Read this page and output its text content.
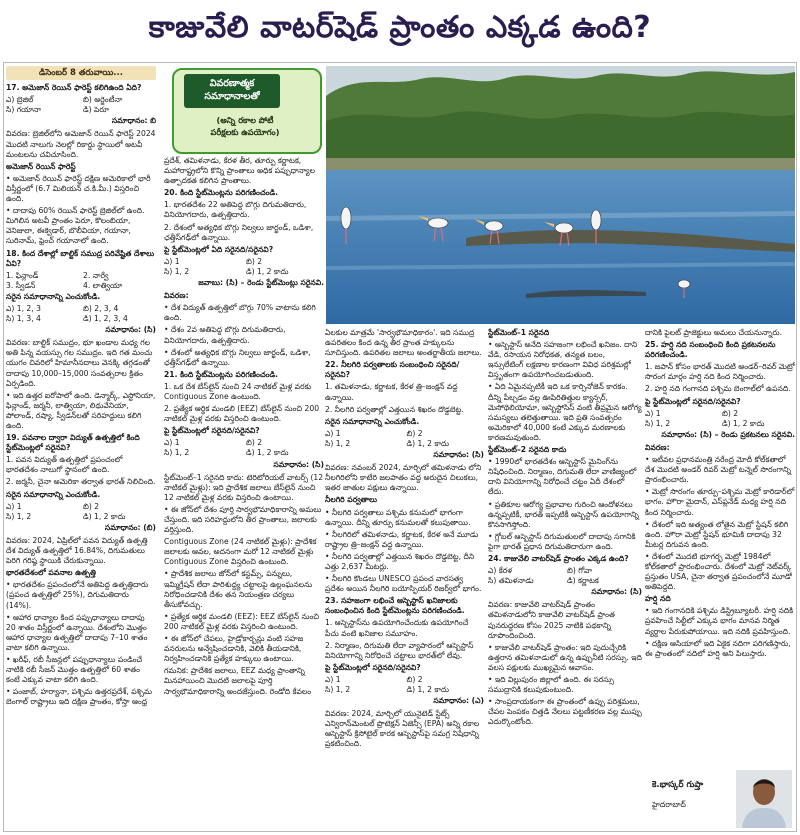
కాజువేలి వాటర్‌షెడ్ ప్రాంతం ఎక్కడ ఉంది?
డిసెంబర్ 8 తరువాయి...

17. అమెజాన్ రెయిన్ ఫారెస్ట్ కలిగిఉంది ఏది?

ఎ) బ్రెజిల్	బి) అర్జెంటీనా
సి) గయానా	డి) పెరూ

సమాధానం: బి

వివరణ: బ్రెజిల్‌లోని అమెజాన్ రెయిన్ ఫారెస్ట్ 2024 మొదటి నాలుగు నెలల్లో రికార్డు స్థాయిలో అటవీ మంటలను చవిచూసింది.

అమెజాన్ రెయిన్ ఫారెస్ట్

• అమెజాన్ రెయిన్ ఫారెస్ట్ దక్షిణ అమెరికాలో భారీ విస్తీర్ణంలో (6.7 మిలియన్ చ.కి.మీ.) విస్తరించి ఉంది.

• దాదాపు 60% రెయిన్ ఫారెస్ట్ బ్రెజిల్‌లో ఉంది. మిగిలిన అటవీ ప్రాంతం పెరూ, కొలంబియా, వెనిజులా, ఈక్వెడార్, బొలీవియా, గయానా, సురినామ్, ఫ్రెంచ్ గయానాలో ఉంది.

18. కింద దేశాల్లో బాల్టిక్ సముద్ర పరివేష్టిత దేశాలు ఏవి?

1. ఫిన్లాండ్	2. నార్వే
3. స్వీడన్	4. లాత్వియా

సరైన సమాధానాన్ని ఎంచుకోండి.

ఎ) 1, 2, 3	బి) 2, 3, 4
సి) 1, 3, 4	డి) 1, 2, 3, 4

సమాధానం: (సి)

వివరణ: బాల్టిక్ సముద్రం, భూ ఖండాల మధ్య గల అతి పిన్న వయస్సు గల సముద్రం. ఇది గత మంచు యుగం చివరిలో హిమానీనదాలు వెనక్కి తగ్గడంతో దాదాపు 10,000–15,000 సంవత్సరాల క్రితం ఏర్పడింది.

• ఇది ఉత్తర ఐరోపాలో ఉంది. డెన్మార్క్, ఎస్టోనియా, ఫిన్లాండ్, జర్మనీ, లాత్వియా, లిథువేనియా, పోలాండ్, రష్యా, స్వీడన్‌లతో సరిహద్దులు కలిగి ఉంది.

19. పవనాల ద్వారా విద్యుత్ ఉత్పత్తిలో కింది స్టేట్‌మెంట్లలో సరైనవి?

1. పవన విద్యుత్ ఉత్పత్తిలో ప్రపంచంలో భారతదేశం నాలుగో స్థానంలో ఉంది.

2. జర్మనీ, చైనా అమెరికా తర్వాత భారత్ నిలిచింది.

సరైన సమాధానాన్ని ఎంచుకోండి.

ఎ) 1	బి) 2
సి) 1, 2	డి) 1, 2 కాదు

సమాధానం: (బి)

వివరణ: 2024, ఏప్రిల్‌లో పవన విద్యుత్ ఉత్పత్తి దేశ విద్యుత్ ఉత్పత్తిలో 16.84%, దిగుమతులు పెరిగి గరిష్ఠ స్థాయికి చేరుకున్నాయి.

భారతదేశంలో పవనాల ఉత్పత్తి

• భారతదేశం ప్రపంచంలోనే అతిపెద్ద ఉత్పత్తిదారు (ప్రపంచ ఉత్పత్తిలో 25%), దిగుమతిదారు (14%).

• ఆహార ధాన్యాల కింద పప్పుధాన్యాలు దాదాపు 20 శాతం విస్తీర్ణంలో ఉన్నాయి. దేశంలోని మొత్తం ఆహార ధాన్యాల ఉత్పత్తిలో దాదాపు 7–10 శాతం వాటా కలిగి ఉన్నాయి.

• ఖరీఫ్, రబీ సీజన్లలో పప్పుధాన్యాలు పండించే నాటికి రబీ సీజన్ మొత్తం ఉత్పత్తిలో 60 శాతం కంటే ఎక్కువ వాటా కలిగి ఉంది.

• పంజాబ్, హర్యానా, పశ్చిమ ఉత్తరప్రదేశ్, పశ్చిమ బెంగాల్ రాష్ట్రాలు ఇది దక్షిణ ప్రాంతం, కోస్తా ఆంధ్ర

వివరణాత్మక
సమాధానాలతో
(అన్ని రకాల పోటీ
పరీక్షలకు ఉపయోగం)

ప్రదేశ్, తమిళనాడు, కేరళ తీర, తూర్పు కర్ణాటక, మహారాష్ట్రలోని కొన్ని ప్రాంతాలు అధిక పప్పుధాన్యాల ఉత్పాదకత కలిగిన ప్రాంతాలు.

20. కింది స్టేట్‌మెంట్లను పరిగణించండి.

1. భారతదేశం 22 అతిపెద్ద బొగ్గు దిగుమతిదారు, వినియోగదారు, ఉత్పత్తిదారు.

2. దేశంలో అత్యధిక బొగ్గు నిల్వలు జార్ఖండ్, ఒడిశా, ఛత్తీస్‌గఢ్‌లో ఉన్నాయి.

పై స్టేట్‌మెంట్లలో ఏది సరైనది/సరైనవి?

ఎ) 1	బి) 2
సి) 1, 2	డి) 1, 2 కాదు

జవాబు: (సి) – రెండు స్టేట్‌మెంట్లు సరైనవి.

వివరణ:

• దేశ విద్యుత్ ఉత్పత్తిలో బొగ్గు 70% వాటాను కలిగి ఉంది.

• దేశం 2వ అతిపెద్ద బొగ్గు దిగుమతిదారు, వినియోగదారు, ఉత్పత్తిదారు.

• దేశంలో అత్యధిక బొగ్గు నిల్వలు జార్ఖండ్, ఒడిశా, ఛత్తీస్‌గఢ్‌లో ఉన్నాయి.

21. కింది స్టేట్‌మెంట్లను పరిగణించండి.

1. ఒక దేశ బేస్‌లైన్ నుంచి 24 నాటికల్ మైళ్ల వరకు Contiguous Zone ఉంటుంది.

2. ప్రత్యేక ఆర్థిక మండలి (EEZ) బేస్‌లైన్ నుంచి 200 నాటికల్ మైళ్ల వరకు విస్తరించి ఉంటుంది.

పై స్టేట్‌మెంట్లలో సరైనది/సరైనవి?

ఎ) 1	బి) 2
సి) 1, 2	డి) 1, 2 కాదు

సమాధానం: (సి)

స్టేట్‌మెంట్–1 సరైనది కాదు: టెరిటోరియల్ వాటర్స్ (12 నాటికల్ మైళ్లు): ఇది ప్రాదేశిక జలాలు బేస్‌లైన్ నుంచి 12 నాటికల్ మైళ్ల వరకు విస్తరించి ఉంటాయి.

• ఈ జోన్‌లో దేశం పూర్తి సార్వభౌమాధికారాన్ని అమలు చేస్తుంది. ఇది సరిహద్దులోని తీర ప్రాంతాలు, జలాలకు వర్తిస్తుంది.

Contiguous Zone (24 నాటికల్ మైళ్లు): ప్రాదేశిక జలాలకు ఆవల, అదనంగా మరో 12 నాటికల్ మైళ్లు Contiguous Zone విస్తరించి ఉంటుంది.

• ప్రాదేశిక జలాలు జోన్‌లో కస్టమ్స్, పన్నులు, ఇమ్మిగ్రేషన్ లేదా పారిశుద్ధ్య చట్టాలపై ఉల్లంఘనలను నిరోధించడానికి దేశం తన నియంత్రణ చర్యలు తీసుకోవచ్చు.

• ప్రత్యేక ఆర్థిక మండలి (EEZ): EEZ బేస్‌లైన్ నుంచి 200 నాటికల్ మైళ్ల వరకు విస్తరించి ఉంటుంది.

• ఈ జోన్‌లో చేపలు, హైడ్రోకార్బన్లు వంటి సహజ వనరులను అన్వేషించడానికి, వెలికి తీయడానికి, నిర్వహించడానికి ప్రత్యేక హక్కులు ఉంటాయి.

గమనిక: ప్రాదేశిక జలాలు, EEZ మధ్య ప్రాంతాన్ని మినహాయించి మొదటి జలాలపై పూర్తి సార్వభౌమాధికారాన్ని అందజేస్తుంది. రెండోది కేవలం

ఏలకుల మాత్రమే 'సార్వభౌమాధికారం'. ఇది సముద్ర ఉపరితలం కింద ఉన్న తీర ప్రాంత హక్కులను సూచిస్తుంది. ఉపరితల జలాలు అంతర్జాతీయ జలాలు.

22. నీలగిరి పర్వతాలకు సంబంధించి సరైనది/సరైనవి?

1. తమిళనాడు, కర్ణాటక, కేరళ త్రి–జంక్షన్ వద్ద ఉన్నాయి.

2. నీలగిరి పర్వతాల్లో ఎత్తయిన శిఖరం దొడ్డబెట్ట.

సరైన సమాధానాన్ని ఎంచుకోండి.

ఎ) 1	బి) 2
సి) 1, 2	డి) 1, 2 కాదు

సమాధానం: (సి)

వివరణ: నవంబర్ 2024, మార్చిలో తమిళనాడు లోని నీలగిరిలోని కాటేరి జలపాతం వద్ద అరుదైన చిలుకలు, ఇతర జాతుల పక్షులు ఉన్నాయి.

నీలగిరి పర్వతాలు

• నీలగిరి పర్వతాలు పశ్చిమ కనుమలో భాగంగా ఉన్నాయి. దీన్ని తూర్పు కనుమలతో కలుపుతాయి.

• నీలగిరిలో తమిళనాడు, కర్ణాటక, కేరళ అనే మూడు రాష్ట్రాల త్రి–జంక్షన్ వద్ద ఉన్నాయి.

• నీలగిరి పర్వతాల్లో ఎత్తయిన శిఖరం దొడ్డబెట్ట, దీని ఎత్తు 2,637 మీటర్లు.

• నీలగిరి కొండలు UNESCO ప్రపంచ వారసత్వ ప్రదేశం అయిన నీలగిరి బయోస్ఫియర్ రిజర్వ్‌లో భాగం.

23. సహజంగా లభించే ఆస్బెస్టాస్ ఖనిజాలకు సంబంధించిన కింది స్టేట్‌మెంట్లను పరిగణించండి.

1. ఆస్బెస్టాస్‌ను ఉపయోగించేందుకు ఉపయోగించే పీచు వంటి ఖనిజాల సమూహం.

2. నిర్మాణం, దిగుమతి లేదా వ్యాపారంలో ఆస్బెస్టాస్ వినియోగాన్ని నిరోధించే చట్టాలు భారత్‌లో లేవు.

పై స్టేట్‌మెంట్లలో సరైనది/సరైనవి?

ఎ) 1	బి) 2
సి) 1, 2	డి) 1, 2 కాదు

సమాధానం: (ఎ)

వివరణ: 2024, మార్చిలో యునైటెడ్ స్టేట్స్ ఎన్విరాన్‌మెంటల్ ప్రొటెక్షన్ ఏజెన్సీ (EPA) అన్ని రకాల ఆస్బెస్టాస్ క్రిసోటైల్ కారక ఆస్బెస్టాస్‌పై సమగ్ర నిషేధాన్ని ప్రకటించింది.

స్టేట్‌మెంట్–1 సరైనది

• ఆస్బెస్టాస్ అనేది సహజంగా లభించే ఖనిజం. దాని వేడి, రసాయన నిరోధకత, తన్యత బలం, ఇన్సులేటింగ్ లక్షణాల కారణంగా వివిధ పరిశ్రమల్లో విస్తృతంగా ఉపయోగించబడుతుంది.

• ఏది ఏమైనప్పటికీ ఇది ఒక కార్సినోజెన్ కారకం. దీన్ని పీల్చడం వల్ల ఊపిరితిత్తుల క్యాన్సర్, మెసోథెలియోమా, ఆస్బెస్టోసిస్ వంటి తీవ్రమైన ఆరోగ్య సమస్యలు తలెత్తుతాయి. ఇది ప్రతి సంవత్సరం అమెరికాలో 40,000 కంటే ఎక్కువ మరణాలకు కారణమవుతుంది.

స్టేట్‌మెంట్–2 సరైనది కాదు

• 1990లో భారతదేశం ఆస్బెస్టాస్ మైనింగ్‌ను నిషేధించింది. నిర్మాణం, దిగుమతి లేదా వాణిజ్యంలో దాని వినియోగాన్ని నిరోధించే చట్టం ఏదీ దేశంలో లేదు.

• ప్రతికూల ఆరోగ్య ప్రభావాల గురించి ఆందోళనలు ఉన్నప్పటికీ, భారత్ ఇప్పటికీ ఆస్బెస్టాస్ ఉపయోగాన్ని కొనసాగిస్తోంది.

• గ్లోబల్ ఆస్బెస్టాస్ దిగుమతులలో దాదాపు సగానికి పైగా భారత్ ప్రధాన దిగుమతిదారుగా ఉంది.

24. కాజువేలి వాటర్‌షెడ్ ప్రాంతం ఎక్కడ ఉంది?

ఎ) కేరళ	బి) గోవా
సి) తమిళనాడు	డి) కర్ణాటక

సమాధానం: (సి)

వివరణ: కాజువేలి వాటర్‌షెడ్ ప్రాంతం తమిళనాడులోని కాజువేలి వాటర్‌షెడ్ ప్రాంత పునరుద్ధరణ కోసం 2025 నాటికి పథకాన్ని రూపొందించింది.

• కాజువేలి వాటర్‌షెడ్ ప్రాంతం: ఇది పుదుచ్చేరికి ఉత్తరాన తమిళనాడులో ఉన్న ఉప్పునీటి సరస్సు. ఇది వలస పక్షులకు ముఖ్యమైన ఆవాసం.

• ఇది విల్లుపురం జిల్లాలో ఉంది. ఈ సరస్సు సముద్రానికి కలుపుకుంటుంది.

• సాంప్రదాయకంగా ఈ ప్రాంతంలో ఉప్పు పరిశ్రమలు, చేపల పెంపకం చిత్తడి నేలలు పట్టణీకరణ వల్ల ముప్పు ఎదుర్కొంటోంది.

దానికి పైలట్ ప్రాజెక్టులు అమలు చేయనున్నారు.

25. హర్షి నది సంబంధించి కింది ప్రకటనలను పరిగణించండి.

1. జపాన్ కోసం భారత్ మొదటి అండర్–రివర్ మెట్రో సొరంగ మార్గం హర్షి నది కింద నిర్మించారు.

2. హర్షి నది గంగానది పశ్చిమ బెంగాల్‌లో ఉపనది.

పై స్టేట్‌మెంట్లలో సరైనది/సరైనవి?

ఎ) 1	బి) 2
సి) 1, 2	డి) 1, 2 కాదు

సమాధానం: (సి) – రెండు ప్రకటనలు సరైనవి.

వివరణ:

• ఇటీవల ప్రధానమంత్రి నరేంద్ర మోదీ కోల్‌కతాలో దేశ మొదటి అండర్ రివర్ మెట్రో టన్నెల్ సొరంగాన్ని ప్రారంభించారు.

• మెట్రో సొరంగం తూర్పు–పశ్చిమ మెట్రో కారిడార్‌లో భాగం. హౌరా మైదాన్, ఎస్‌ప్లనేడ్ మధ్య హర్షి నది కింద నిర్మించారు.

• దేశంలో ఇది అత్యంత లోతైన మెట్రో స్టేషన్ కలిగి ఉంది. హౌరా మెట్రో స్టేషన్ భూమికి దాదాపు 32 మీటర్ల దిగువన ఉంది.

• దేశంలో మొదటి భూగర్భ మెట్రో 1984లో కోల్‌కతాలో ప్రారంభించారు. దేశంలో మెట్రో నెట్‌వర్క్ ప్రస్తుతం USA, చైనా తర్వాత ప్రపంచంలోనే మూడో అతిపెద్దది.

హర్షి నది

• ఇది గంగానదికి పశ్చిమ డిస్ట్రిబ్యూటరీ. హర్షి నదికి ప్రవహించే సిల్టీలో ఎక్కువ భాగం మానవ నిర్మిత వ్యర్థాల పేరుకుపోయాయి. ఇది నదికి ప్రవహిస్తుంది.

• దక్షిణ ఆసియాలో ఇది ఏకైక నదిగా పరిగణిస్తారు, ఈ ప్రాంతంలో నదిలో హర్షి అని పిలుస్తారు.

కె.భాస్కర్ గుప్తా
హైదరాబాద్
